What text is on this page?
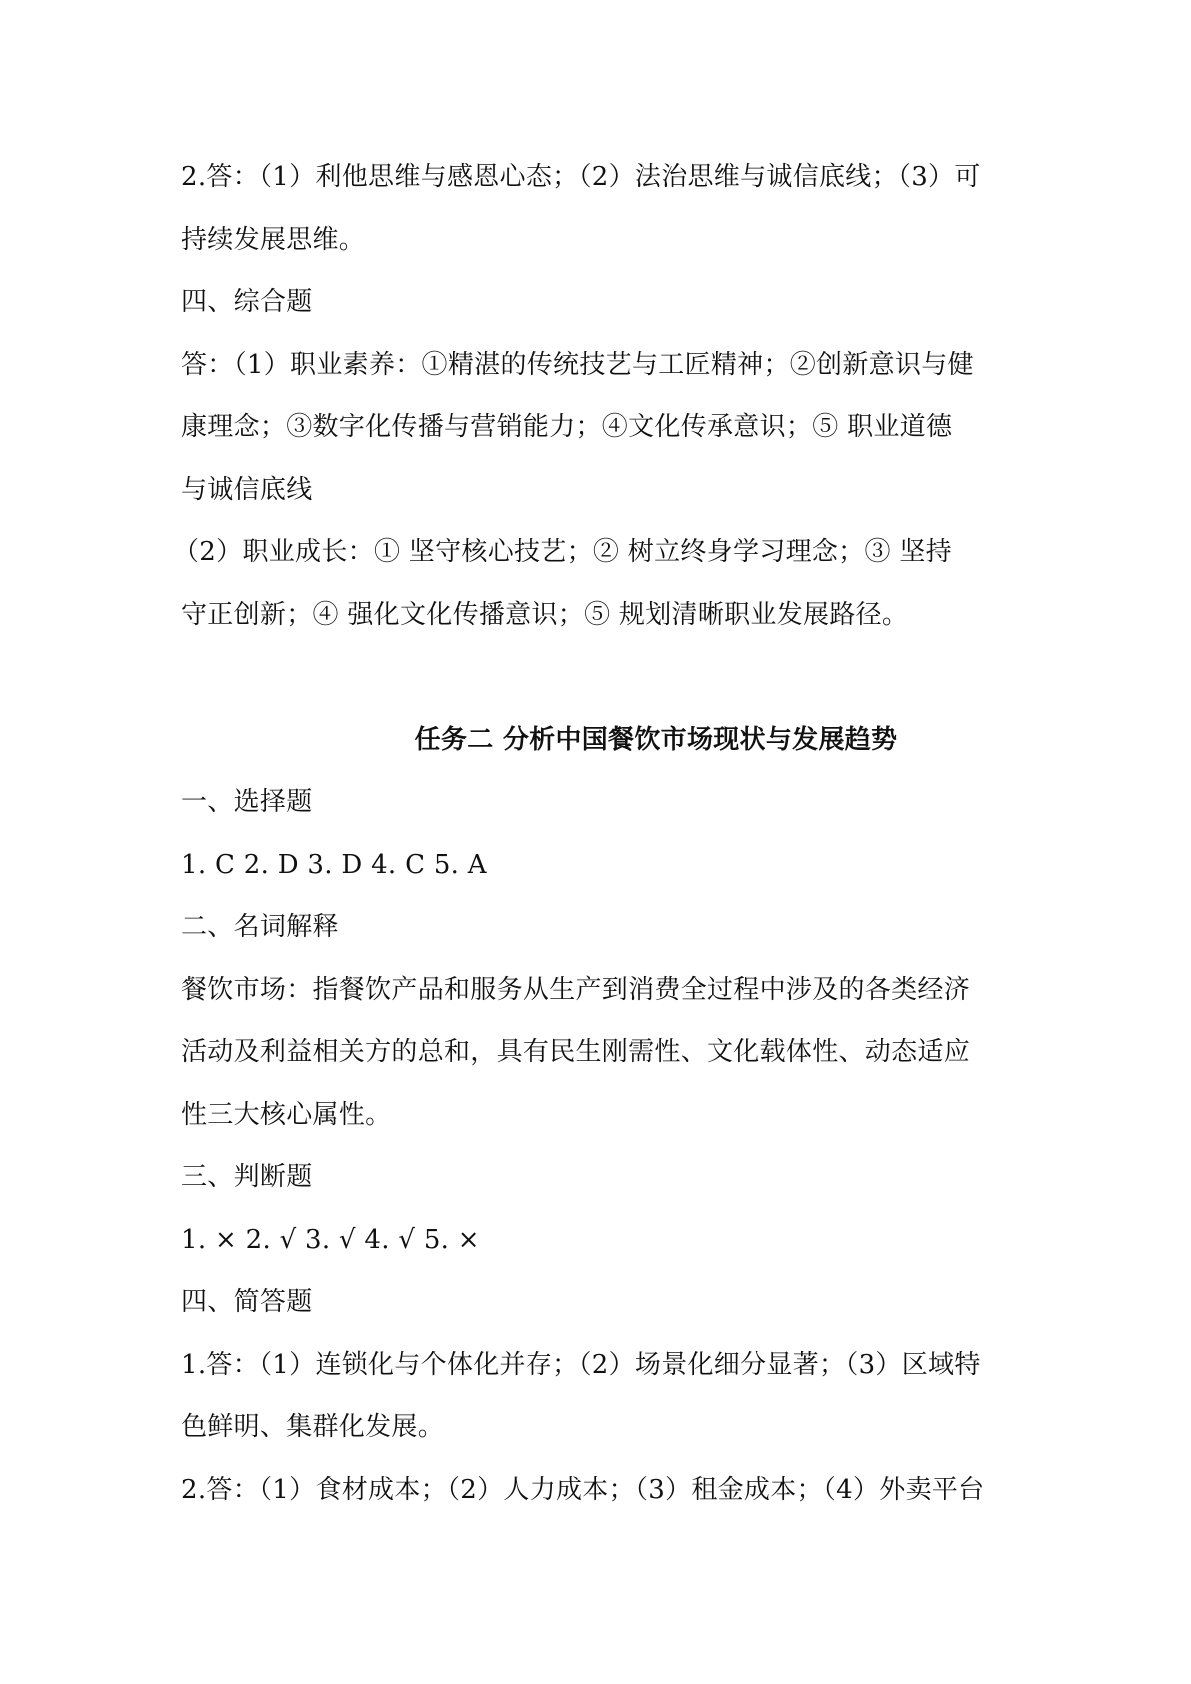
2.答：（1）利他思维与感恩心态；（2）法治思维与诚信底线；（3）可
持续发展思维。
四、综合题
答：（1）职业素养：①精湛的传统技艺与工匠精神；②创新意识与健
康理念；③数字化传播与营销能力；④文化传承意识；⑤ 职业道德
与诚信底线
（2）职业成长：① 坚守核心技艺；② 树立终身学习理念；③ 坚持
守正创新；④ 强化文化传播意识；⑤ 规划清晰职业发展路径。
任务二 分析中国餐饮市场现状与发展趋势
一、选择题
1. C 2. D 3. D 4. C 5. A
二、名词解释
餐饮市场：指餐饮产品和服务从生产到消费全过程中涉及的各类经济
活动及利益相关方的总和，具有民生刚需性、文化载体性、动态适应
性三大核心属性。
三、判断题
1. × 2. √ 3. √ 4. √ 5. ×
四、简答题
1.答：（1）连锁化与个体化并存；（2）场景化细分显著；（3）区域特
色鲜明、集群化发展。
2.答：（1）食材成本；（2）人力成本；（3）租金成本；（4）外卖平台
